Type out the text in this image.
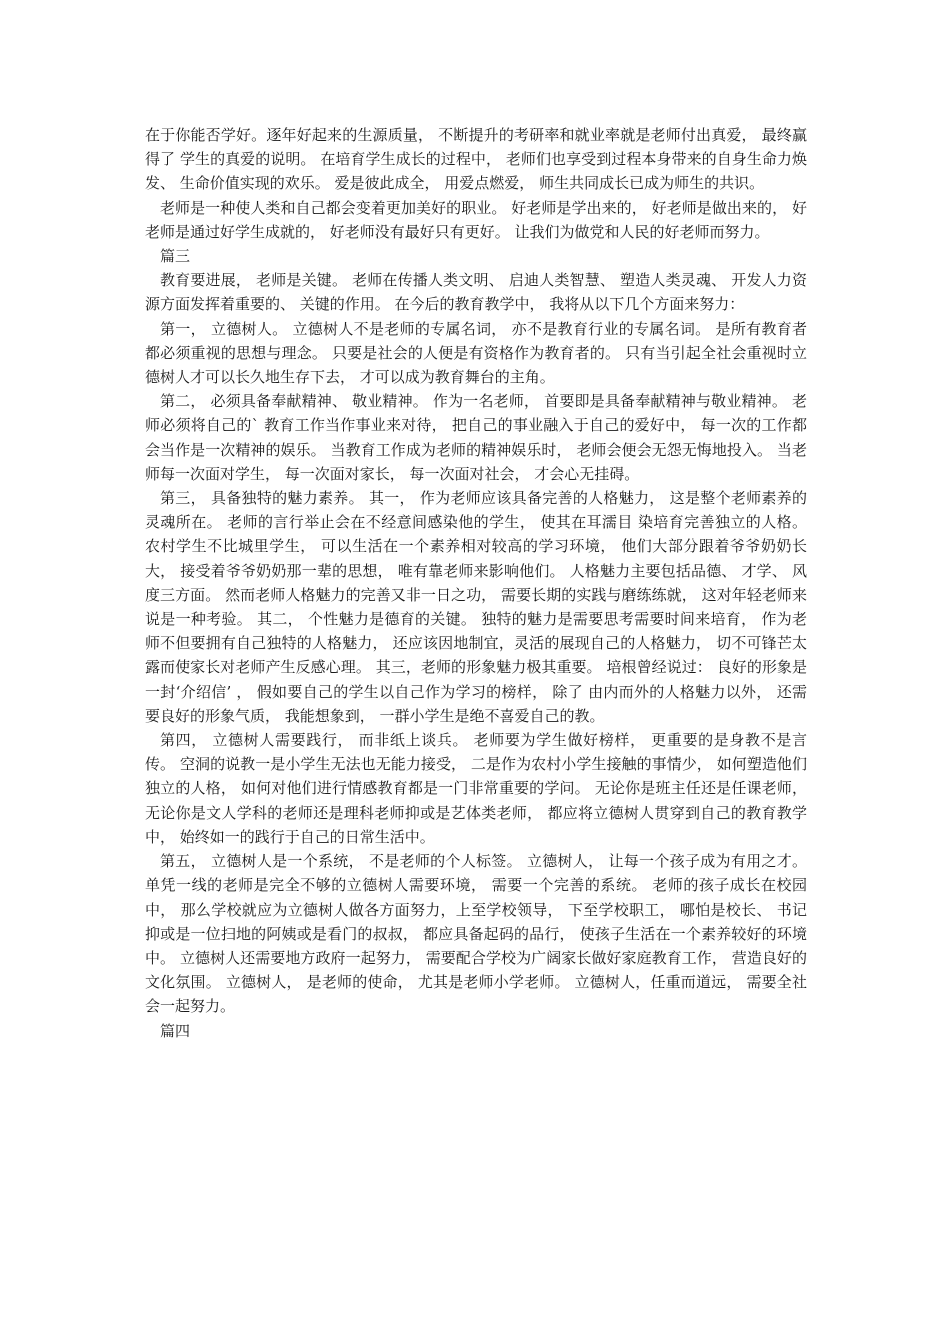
在于你能否学好。逐年好起来的生源质量， 不断提升的考研率和就业率就是老师付出真爱， 最终赢得了 学生的真爱的说明。 在培育学生成长的过程中， 老师们也享受到过程本身带来的自身生命力焕发、 生命价值实现的欢乐。 爱是彼此成全， 用爱点燃爱， 师生共同成长已成为师生的共识。

老师是一种使人类和自己都会变着更加美好的职业。 好老师是学出来的， 好老师是做出来的， 好老师是通过好学生成就的， 好老师没有最好只有更好。 让我们为做党和人民的好老师而努力。

篇三

教育要进展， 老师是关键。 老师在传播人类文明、 启迪人类智慧、 塑造人类灵魂、 开发人力资源方面发挥着重要的、 关键的作用。 在今后的教育教学中， 我将从以下几个方面来努力：

第一， 立德树人。 立德树人不是老师的专属名词， 亦不是教育行业的专属名词。 是所有教育者都必须重视的思想与理念。 只要是社会的人便是有资格作为教育者的。 只有当引起全社会重视时立德树人才可以长久地生存下去， 才可以成为教育舞台的主角。

第二， 必须具备奉献精神、 敬业精神。 作为一名老师， 首要即是具备奉献精神与敬业精神。 老师必须将自己的` 教育工作当作事业来对待， 把自己的事业融入于自己的爱好中， 每一次的工作都会当作是一次精神的娱乐。 当教育工作成为老师的精神娱乐时， 老师会便会无怨无悔地投入。 当老师每一次面对学生， 每一次面对家长， 每一次面对社会， 才会心无挂碍。

第三， 具备独特的魅力素养。 其一， 作为老师应该具备完善的人格魅力， 这是整个老师素养的灵魂所在。 老师的言行举止会在不经意间感染他的学生， 使其在耳濡目 染培育完善独立的人格。 农村学生不比城里学生， 可以生活在一个素养相对较高的学习环境， 他们大部分跟着爷爷奶奶长大， 接受着爷爷奶奶那一辈的思想， 唯有靠老师来影响他们。 人格魅力主要包括品德、 才学、 风度三方面。 然而老师人格魅力的完善又非一日之功， 需要长期的实践与磨练练就， 这对年轻老师来说是一种考验。 其二， 个性魅力是德育的关键。 独特的魅力是需要思考需要时间来培育， 作为老师不但要拥有自己独特的人格魅力， 还应该因地制宜，灵活的展现自己的人格魅力， 切不可锋芒太露而使家长对老师产生反感心理。 其三，老师的形象魅力极其重要。 培根曾经说过： 良好的形象是一封‘介绍信’ ， 假如要自己的学生以自己作为学习的榜样， 除了 由内而外的人格魅力以外， 还需要良好的形象气质， 我能想象到， 一群小学生是绝不喜爱自己的教。

第四， 立德树人需要践行， 而非纸上谈兵。 老师要为学生做好榜样， 更重要的是身教不是言传。 空洞的说教一是小学生无法也无能力接受， 二是作为农村小学生接触的事情少， 如何塑造他们独立的人格， 如何对他们进行情感教育都是一门非常重要的学问。 无论你是班主任还是任课老师， 无论你是文人学科的老师还是理科老师抑或是艺体类老师， 都应将立德树人贯穿到自己的教育教学中， 始终如一的践行于自己的日常生活中。

第五， 立德树人是一个系统， 不是老师的个人标签。 立德树人， 让每一个孩子成为有用之才。 单凭一线的老师是完全不够的立德树人需要环境， 需要一个完善的系统。 老师的孩子成长在校园中， 那么学校就应为立德树人做各方面努力，上至学校领导， 下至学校职工， 哪怕是校长、 书记抑或是一位扫地的阿姨或是看门的叔叔， 都应具备起码的品行， 使孩子生活在一个素养较好的环境中。 立德树人还需要地方政府一起努力， 需要配合学校为广阔家长做好家庭教育工作， 营造良好的文化氛围。 立德树人， 是老师的使命， 尤其是老师小学老师。 立德树人，任重而道远， 需要全社会一起努力。

篇四
